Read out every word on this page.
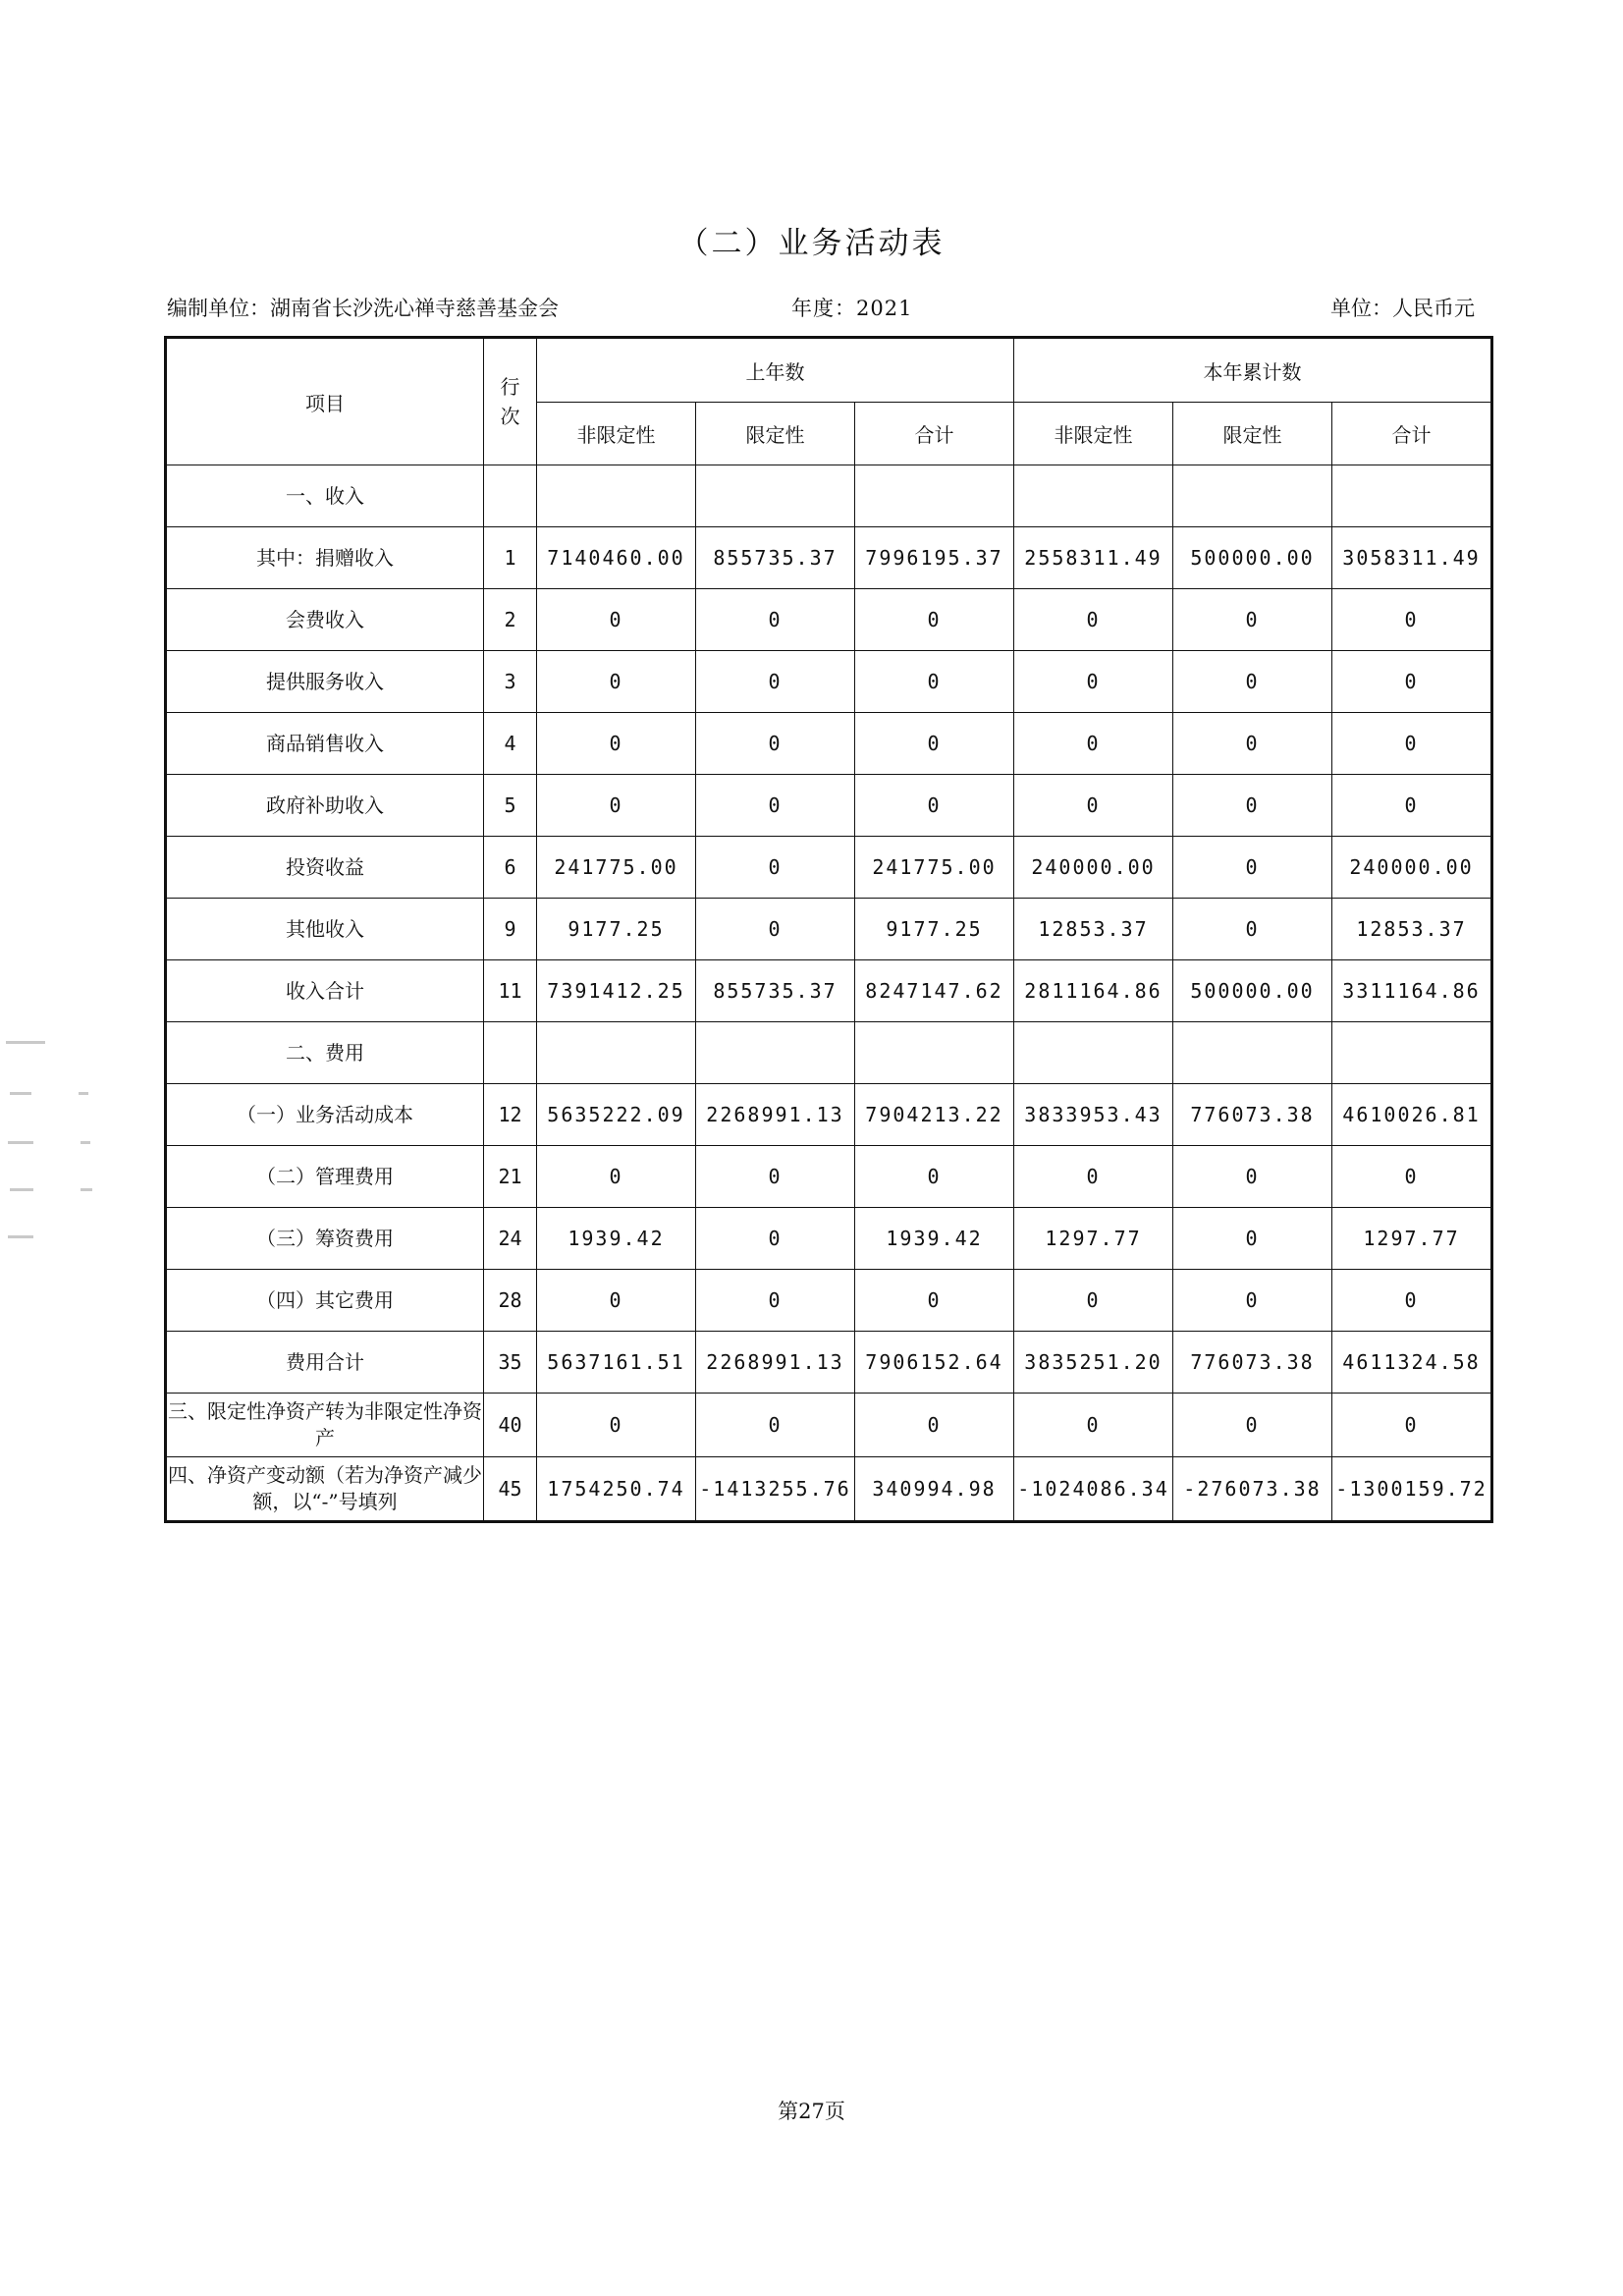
（二）业务活动表
编制单位：湖南省长沙洗心禅寺慈善基金会	年度：2021	单位：人民币元
项目	行次	上年数			本年累计数		
		非限定性	限定性	合计	非限定性	限定性	合计
一、收入							
其中：捐赠收入	1	7140460.00	855735.37	7996195.37	2558311.49	500000.00	3058311.49
会费收入	2	0	0	0	0	0	0
提供服务收入	3	0	0	0	0	0	0
商品销售收入	4	0	0	0	0	0	0
政府补助收入	5	0	0	0	0	0	0
投资收益	6	241775.00	0	241775.00	240000.00	0	240000.00
其他收入	9	9177.25	0	9177.25	12853.37	0	12853.37
收入合计	11	7391412.25	855735.37	8247147.62	2811164.86	500000.00	3311164.86
二、费用							
（一）业务活动成本	12	5635222.09	2268991.13	7904213.22	3833953.43	776073.38	4610026.81
（二）管理费用	21	0	0	0	0	0	0
（三）筹资费用	24	1939.42	0	1939.42	1297.77	0	1297.77
（四）其它费用	28	0	0	0	0	0	0
费用合计	35	5637161.51	2268991.13	7906152.64	3835251.20	776073.38	4611324.58
三、限定性净资产转为非限定性净资产	40	0	0	0	0	0	0
四、净资产变动额（若为净资产减少额，以“-”号填列	45	1754250.74	-1413255.76	340994.98	-1024086.34	-276073.38	-1300159.72
第27页
